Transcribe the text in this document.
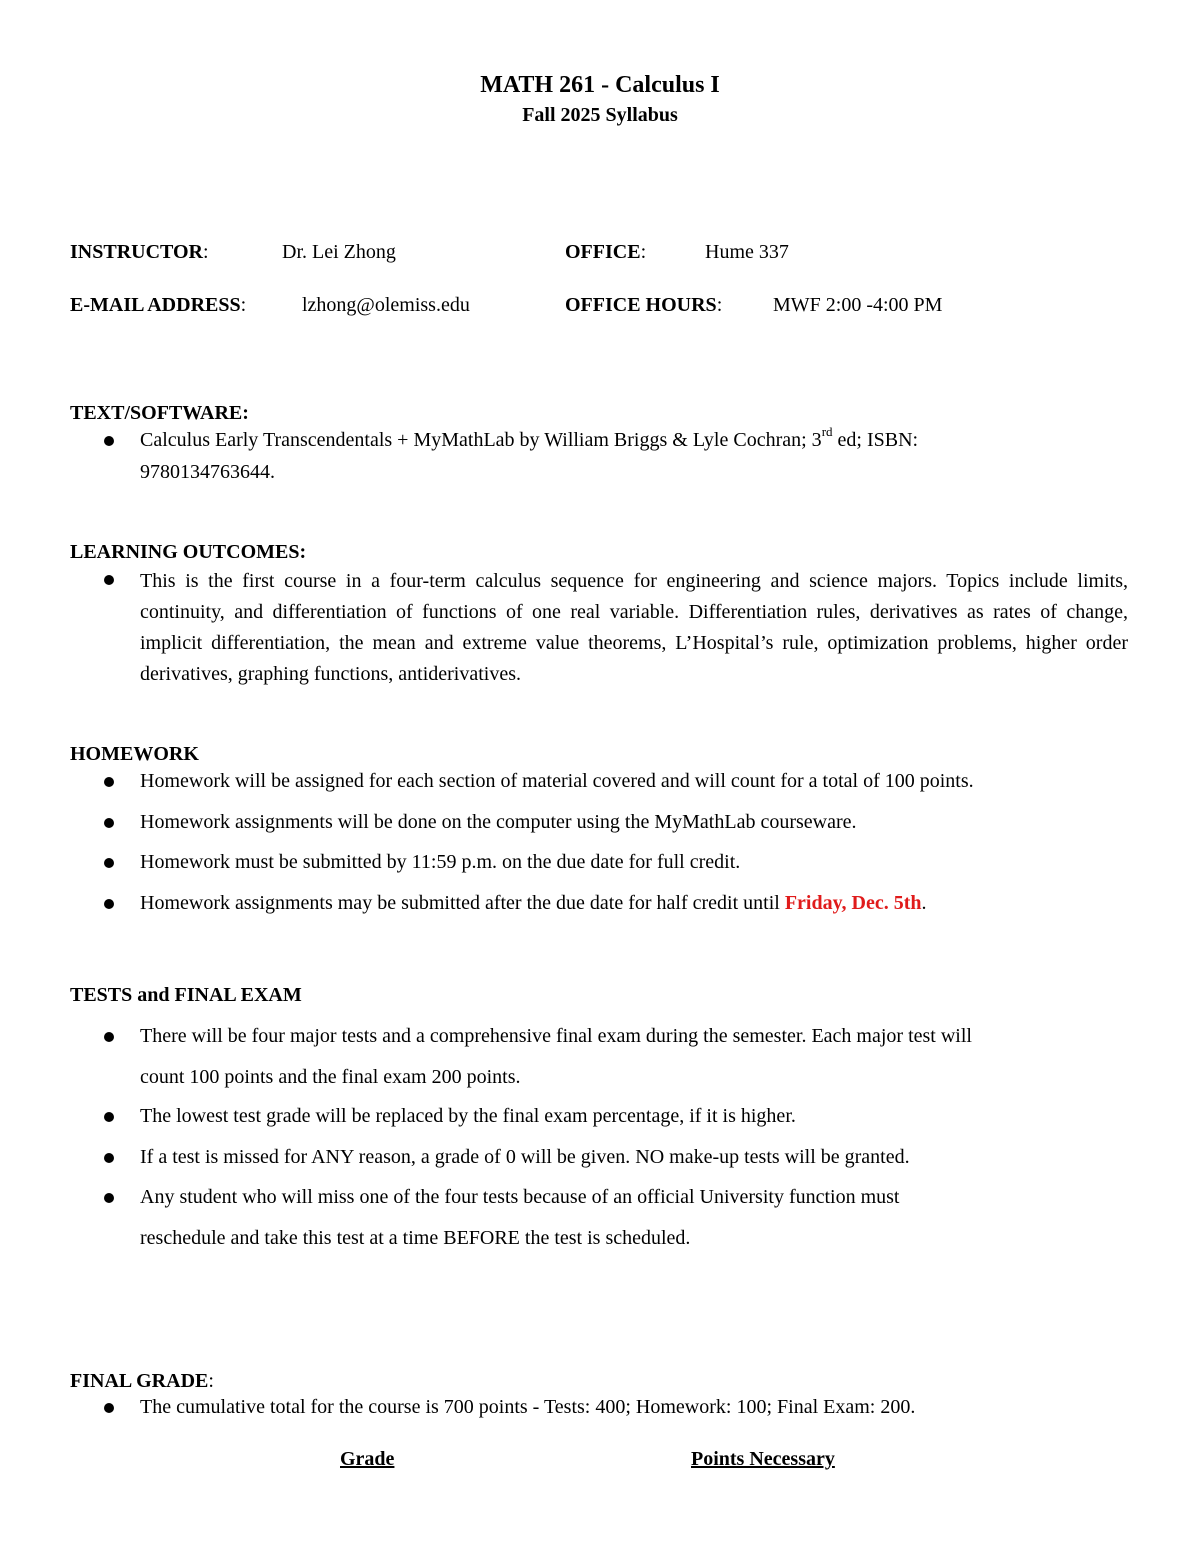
MATH 261 - Calculus I
Fall 2025 Syllabus
INSTRUCTOR:	Dr. Lei Zhong	OFFICE:	Hume 337
E-MAIL ADDRESS:	lzhong@olemiss.edu	OFFICE HOURS:	MWF 2:00 -4:00 PM
TEXT/SOFTWARE:
Calculus Early Transcendentals + MyMathLab by William Briggs & Lyle Cochran; 3rd ed; ISBN:
9780134763644.
LEARNING OUTCOMES:
This is the first course in a four-term calculus sequence for engineering and science majors. Topics include limits, continuity, and differentiation of functions of one real variable. Differentiation rules, derivatives as rates of change, implicit differentiation, the mean and extreme value theorems, L’Hospital’s rule, optimization problems, higher order derivatives, graphing functions, antiderivatives.
HOMEWORK
Homework will be assigned for each section of material covered and will count for a total of 100 points.
Homework assignments will be done on the computer using the MyMathLab courseware.
Homework must be submitted by 11:59 p.m. on the due date for full credit.
Homework assignments may be submitted after the due date for half credit until Friday, Dec. 5th.
TESTS and FINAL EXAM
There will be four major tests and a comprehensive final exam during the semester. Each major test will
count 100 points and the final exam 200 points.
The lowest test grade will be replaced by the final exam percentage, if it is higher.
If a test is missed for ANY reason, a grade of 0 will be given. NO make-up tests will be granted.
Any student who will miss one of the four tests because of an official University function must
reschedule and take this test at a time BEFORE the test is scheduled.
FINAL GRADE:
The cumulative total for the course is 700 points - Tests: 400; Homework: 100; Final Exam: 200.
Grade	Points Necessary
